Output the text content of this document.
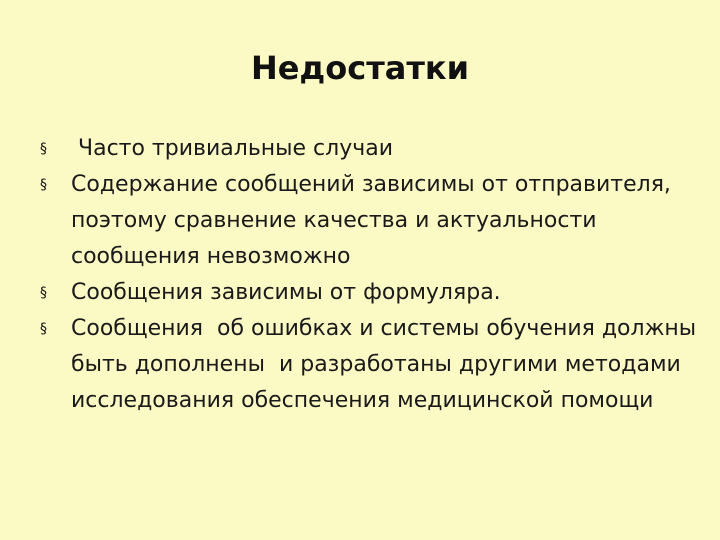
Недостатки
§	Часто тривиальные случаи
§	Содержание сообщений зависимы от отправителя, поэтому сравнение качества и актуальности сообщения невозможно
§	Сообщения зависимы от формуляра.
§	Сообщения  об ошибках и системы обучения должны быть дополнены  и разработаны другими методами исследования обеспечения медицинской помощи
